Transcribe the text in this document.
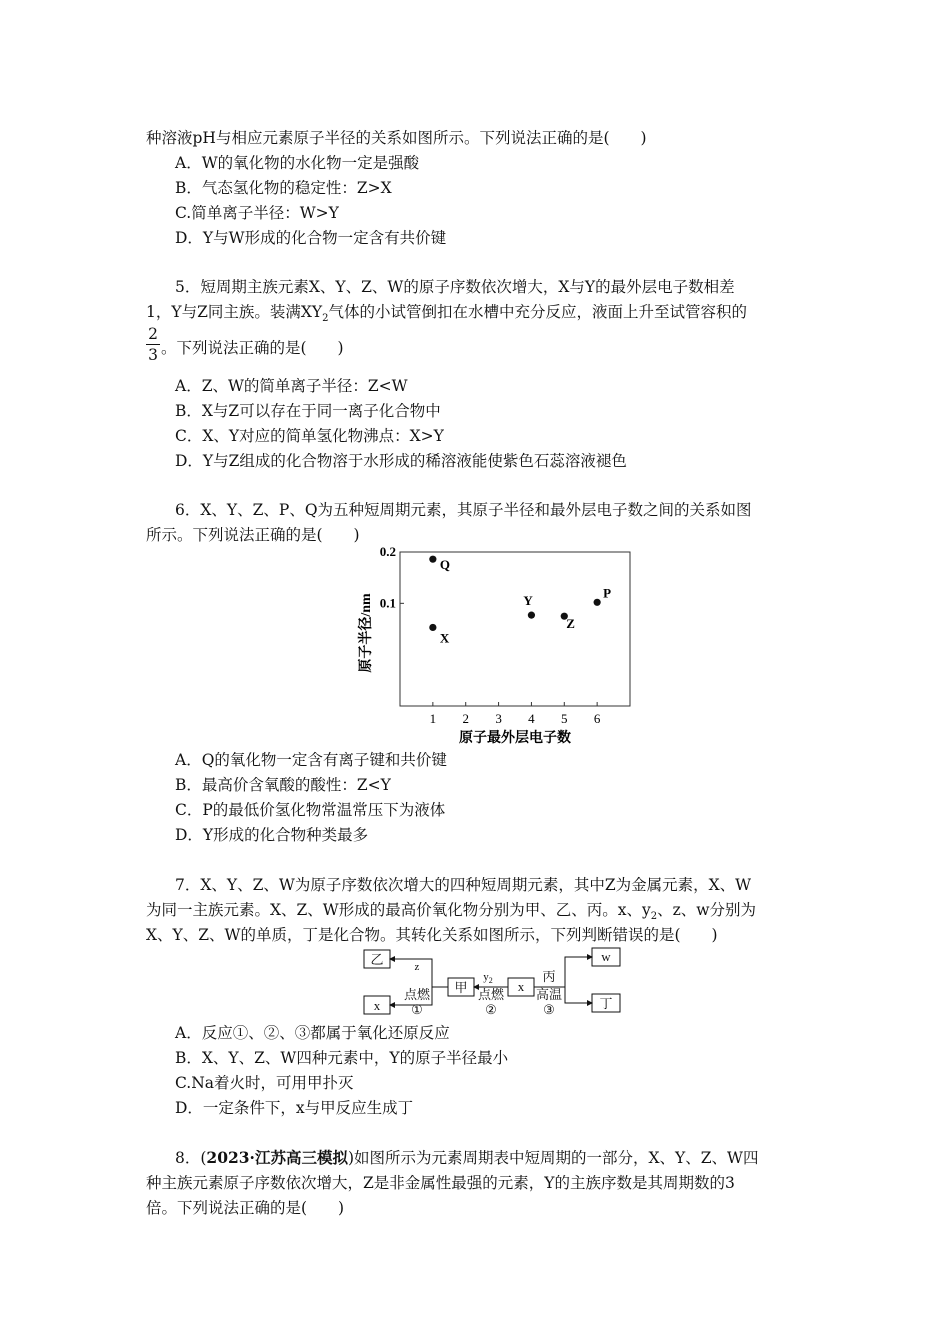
种溶液pH与相应元素原子半径的关系如图所示。下列说法正确的是(　　)
A．W的氧化物的水化物一定是强酸
B．气态氢化物的稳定性：Z>X
C.简单离子半径：W>Y
D．Y与W形成的化合物一定含有共价键
5．短周期主族元素X、Y、Z、W的原子序数依次增大，X与Y的最外层电子数相差
1，Y与Z同主族。装满$XY_2$气体的小试管倒扣在水槽中充分反应，液面上升至试管容积的
2
3 。下列说法正确的是(　　)
A．Z、W的简单离子半径：Z<W
B．X与Z可以存在于同一离子化合物中
C．X、Y对应的简单氢化物沸点：X>Y
D．Y与Z组成的化合物溶于水形成的稀溶液能使紫色石蕊溶液褪色
6．X、Y、Z、P、Q为五种短周期元素，其原子半径和最外层电子数之间的关系如图
所示。下列说法正确的是(　　)
0.1
0.2
1 2 3 4 5 6
Q
X
Y
Z
P
原子半径/nm
原子最外层电子数
A．Q的氧化物一定含有离子键和共价键
B．最高价含氧酸的酸性：Z<Y
C．P的最低价氢化物常温常压下为液体
D．Y形成的化合物种类最多
7．X、Y、Z、W为原子序数依次增大的四种短周期元素，其中Z为金属元素，X、W
为同一主族元素。X、Z、W形成的最高价氧化物分别为甲、乙、丙。x、$y_2$、z、w分别为
X、Y、Z、W的单质，丁是化合物。其转化关系如图所示，下列判断错误的是(　　)
乙
x
甲	x
w
丁
z
点燃
①
$y_2$
点燃
②
丙
高温
③
A．反应①、②、③都属于氧化还原反应
B．X、Y、Z、W四种元素中，Y的原子半径最小
C.Na着火时，可用甲扑灭
D．一定条件下，x与甲反应生成丁
8．(2023·江苏高三模拟)如图所示为元素周期表中短周期的一部分，X、Y、Z、W四
种主族元素原子序数依次增大，Z是非金属性最强的元素，Y的主族序数是其周期数的3
倍。下列说法正确的是(　　)
